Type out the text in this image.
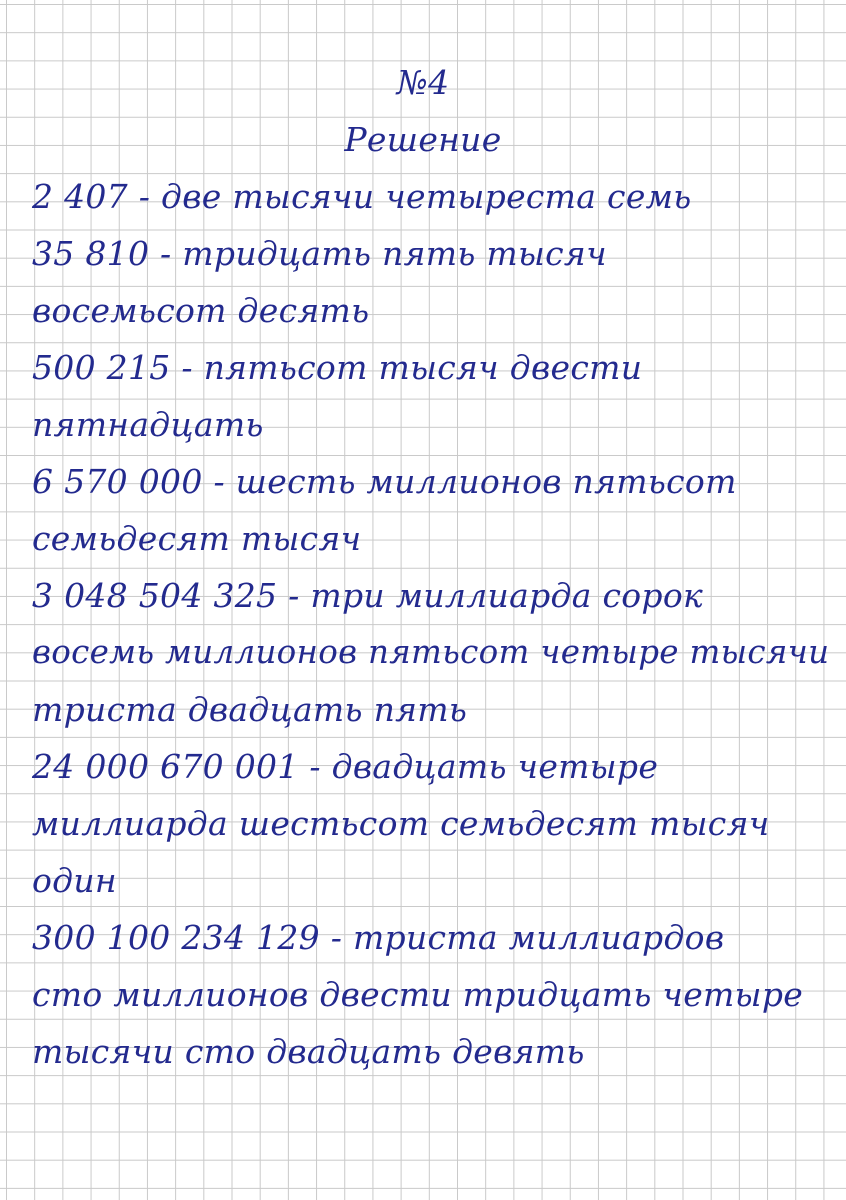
№4
Решение
2 407 - две тысячи четыреста семь
35 810 - тридцать пять тысяч
восемьсот десять
500 215 - пятьсот тысяч двести
пятнадцать
6 570 000 - шесть миллионов пятьсот
семьдесят тысяч
3 048 504 325 - три миллиарда сорок
восемь миллионов пятьсот четыре тысячи
триста двадцать пять
24 000 670 001 - двадцать четыре
миллиарда шестьсот семьдесят тысяч
один
300 100 234 129 - триста миллиардов
сто миллионов двести тридцать четыре
тысячи сто двадцать девять
